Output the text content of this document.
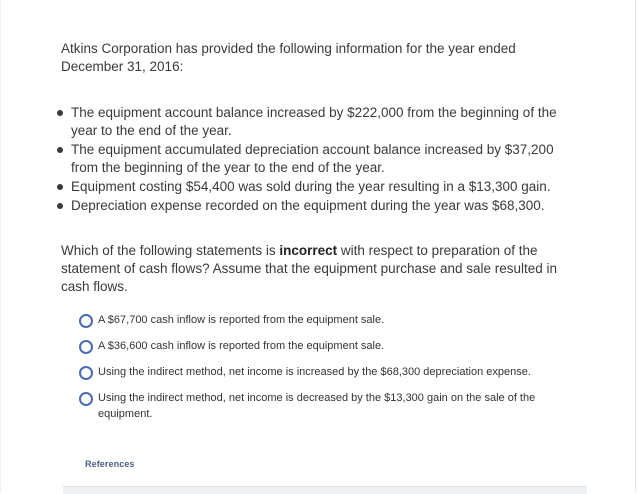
Atkins Corporation has provided the following information for the year ended
December 31, 2016:
The equipment account balance increased by $222,000 from the beginning of the
year to the end of the year.
The equipment accumulated depreciation account balance increased by $37,200
from the beginning of the year to the end of the year.
Equipment costing $54,400 was sold during the year resulting in a $13,300 gain.
Depreciation expense recorded on the equipment during the year was $68,300.
Which of the following statements is incorrect with respect to preparation of the
statement of cash flows? Assume that the equipment purchase and sale resulted in
cash flows.
A $67,700 cash inflow is reported from the equipment sale.
A $36,600 cash inflow is reported from the equipment sale.
Using the indirect method, net income is increased by the $68,300 depreciation expense.
Using the indirect method, net income is decreased by the $13,300 gain on the sale of the
equipment.
References
